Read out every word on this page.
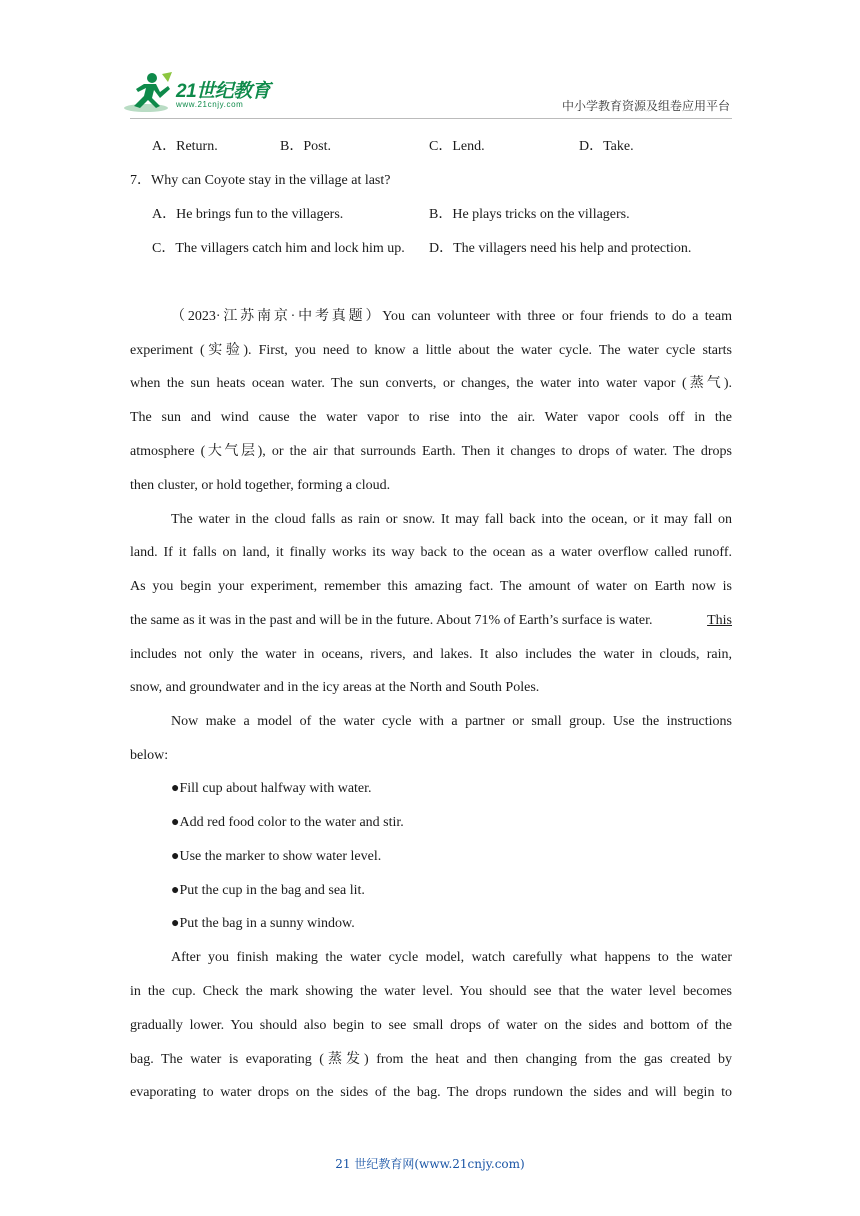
21世纪教育
www.21cnjy.com	中小学教育资源及组卷应用平台
A．Return.	B．Post.	C．Lend.	D．Take.
7．Why can Coyote stay in the village at last?
A．He brings fun to the villagers.	B．He plays tricks on the villagers.
C．The villagers catch him and lock him up. D．The villagers need his help and protection.
（2023·江苏南京·中考真题）You can volunteer with three or four friends to do a team
experiment (实验). First, you need to know a little about the water cycle. The water cycle starts
when the sun heats ocean water. The sun converts, or changes, the water into water vapor (蒸气).
The sun and wind cause the water vapor to rise into the air. Water vapor cools off in the
atmosphere (大气层), or the air that surrounds Earth. Then it changes to drops of water. The drops
then cluster, or hold together, forming a cloud.
The water in the cloud falls as rain or snow. It may fall back into the ocean, or it may fall on
land. If it falls on land, it finally works its way back to the ocean as a water overflow called runoff.
As you begin your experiment, remember this amazing fact. The amount of water on Earth now is
the same as it was in the past and will be in the future. About 71% of Earth’s surface is water.	This
includes not only the water in oceans, rivers, and lakes. It also includes the water in clouds, rain,
snow, and groundwater and in the icy areas at the North and South Poles.
Now make a model of the water cycle with a partner or small group. Use the instructions
below:
●Fill cup about halfway with water.
●Add red food color to the water and stir.
●Use the marker to show water level.
●Put the cup in the bag and sea lit.
●Put the bag in a sunny window.
After you finish making the water cycle model, watch carefully what happens to the water
in the cup. Check the mark showing the water level. You should see that the water level becomes
gradually lower. You should also begin to see small drops of water on the sides and bottom of the
bag. The water is evaporating (蒸发) from the heat and then changing from the gas created by
evaporating to water drops on the sides of the bag. The drops rundown the sides and will begin to
21 世纪教育网(www.21cnjy.com)
